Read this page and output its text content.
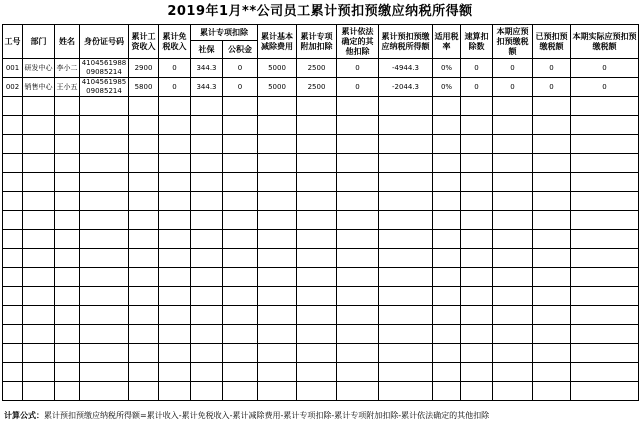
2019年1月**公司员工累计预扣预缴应纳税所得额
工号	部门	姓名	身份证号码	累计工资收入	累计免税收入	累计专项扣除		累计基本减除费用	累计专项附加扣除	累计依法确定的其他扣除	累计预扣预缴应纳税所得额	适用税率	速算扣除数	本期应预扣预缴税额	已预扣预缴税额	本期实际应预扣预缴税额

						社保	公积金									

001	研发中心	李小二	410456198809085214	2900	0	344.3	0	5000	2500	0	-4944.3	0%	0	0	0	0

002	销售中心	王小五	410456198509085214	5800	0	344.3	0	5000	2500	0	-2044.3	0%	0	0	0	0

计算公式：累计预扣预缴应纳税所得额=累计收入-累计免税收入-累计减除费用-累计专项扣除-累计专项附加扣除-累计依法确定的其他扣除
